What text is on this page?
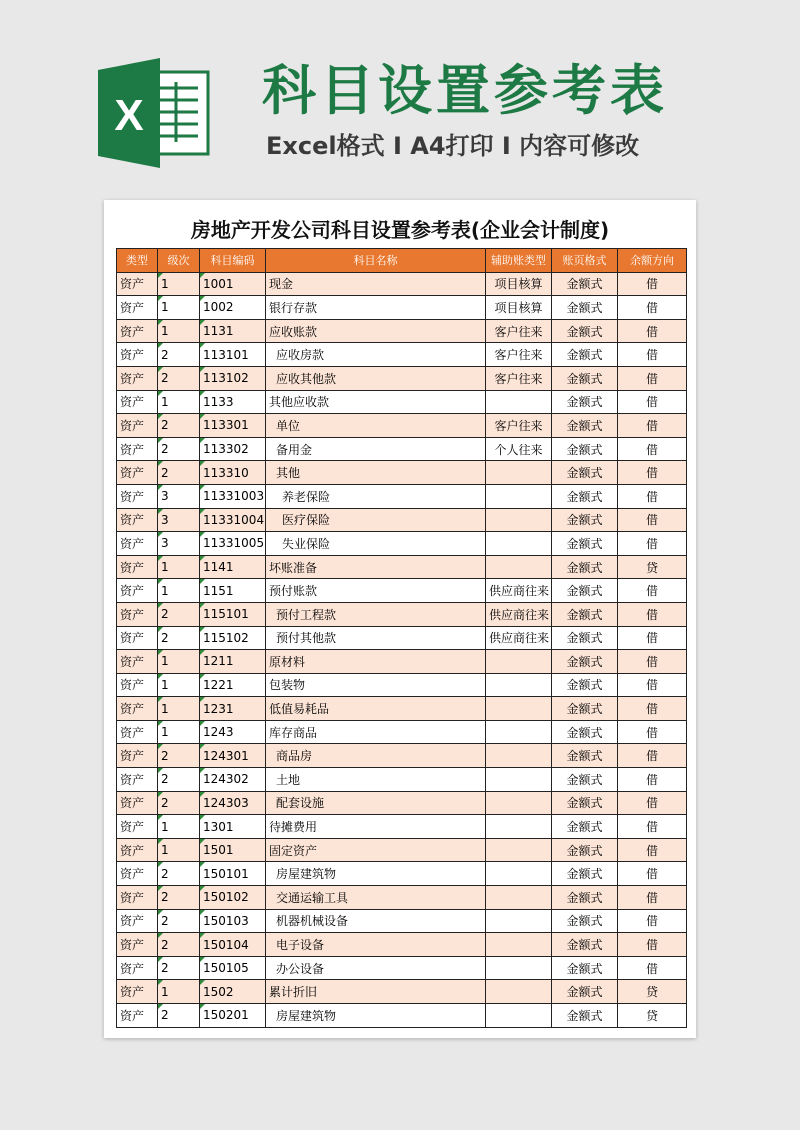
X 科目设置参考表
Excel格式 I A4打印 I 内容可修改
房地产开发公司科目设置参考表(企业会计制度)
类型	级次	科目编码	科目名称	辅助账类型	账页格式	余额方向
资产	1	1001	现金	项目核算	金额式	借
资产	1	1002	银行存款	项目核算	金额式	借
资产	1	1131	应收账款	客户往来	金额式	借
资产	2	113101	应收房款	客户往来	金额式	借
资产	2	113102	应收其他款	客户往来	金额式	借
资产	1	1133	其他应收款		金额式	借
资产	2	113301	单位	客户往来	金额式	借
资产	2	113302	备用金	个人往来	金额式	借
资产	2	113310	其他		金额式	借
资产	3	11331003	养老保险		金额式	借
资产	3	11331004	医疗保险		金额式	借
资产	3	11331005	失业保险		金额式	借
资产	1	1141	坏账准备		金额式	贷
资产	1	1151	预付账款	供应商往来	金额式	借
资产	2	115101	预付工程款	供应商往来	金额式	借
资产	2	115102	预付其他款	供应商往来	金额式	借
资产	1	1211	原材料		金额式	借
资产	1	1221	包装物		金额式	借
资产	1	1231	低值易耗品		金额式	借
资产	1	1243	库存商品		金额式	借
资产	2	124301	商品房		金额式	借
资产	2	124302	土地		金额式	借
资产	2	124303	配套设施		金额式	借
资产	1	1301	待摊费用		金额式	借
资产	1	1501	固定资产		金额式	借
资产	2	150101	房屋建筑物		金额式	借
资产	2	150102	交通运输工具		金额式	借
资产	2	150103	机器机械设备		金额式	借
资产	2	150104	电子设备		金额式	借
资产	2	150105	办公设备		金额式	借
资产	1	1502	累计折旧		金额式	贷
资产	2	150201	房屋建筑物		金额式	贷
